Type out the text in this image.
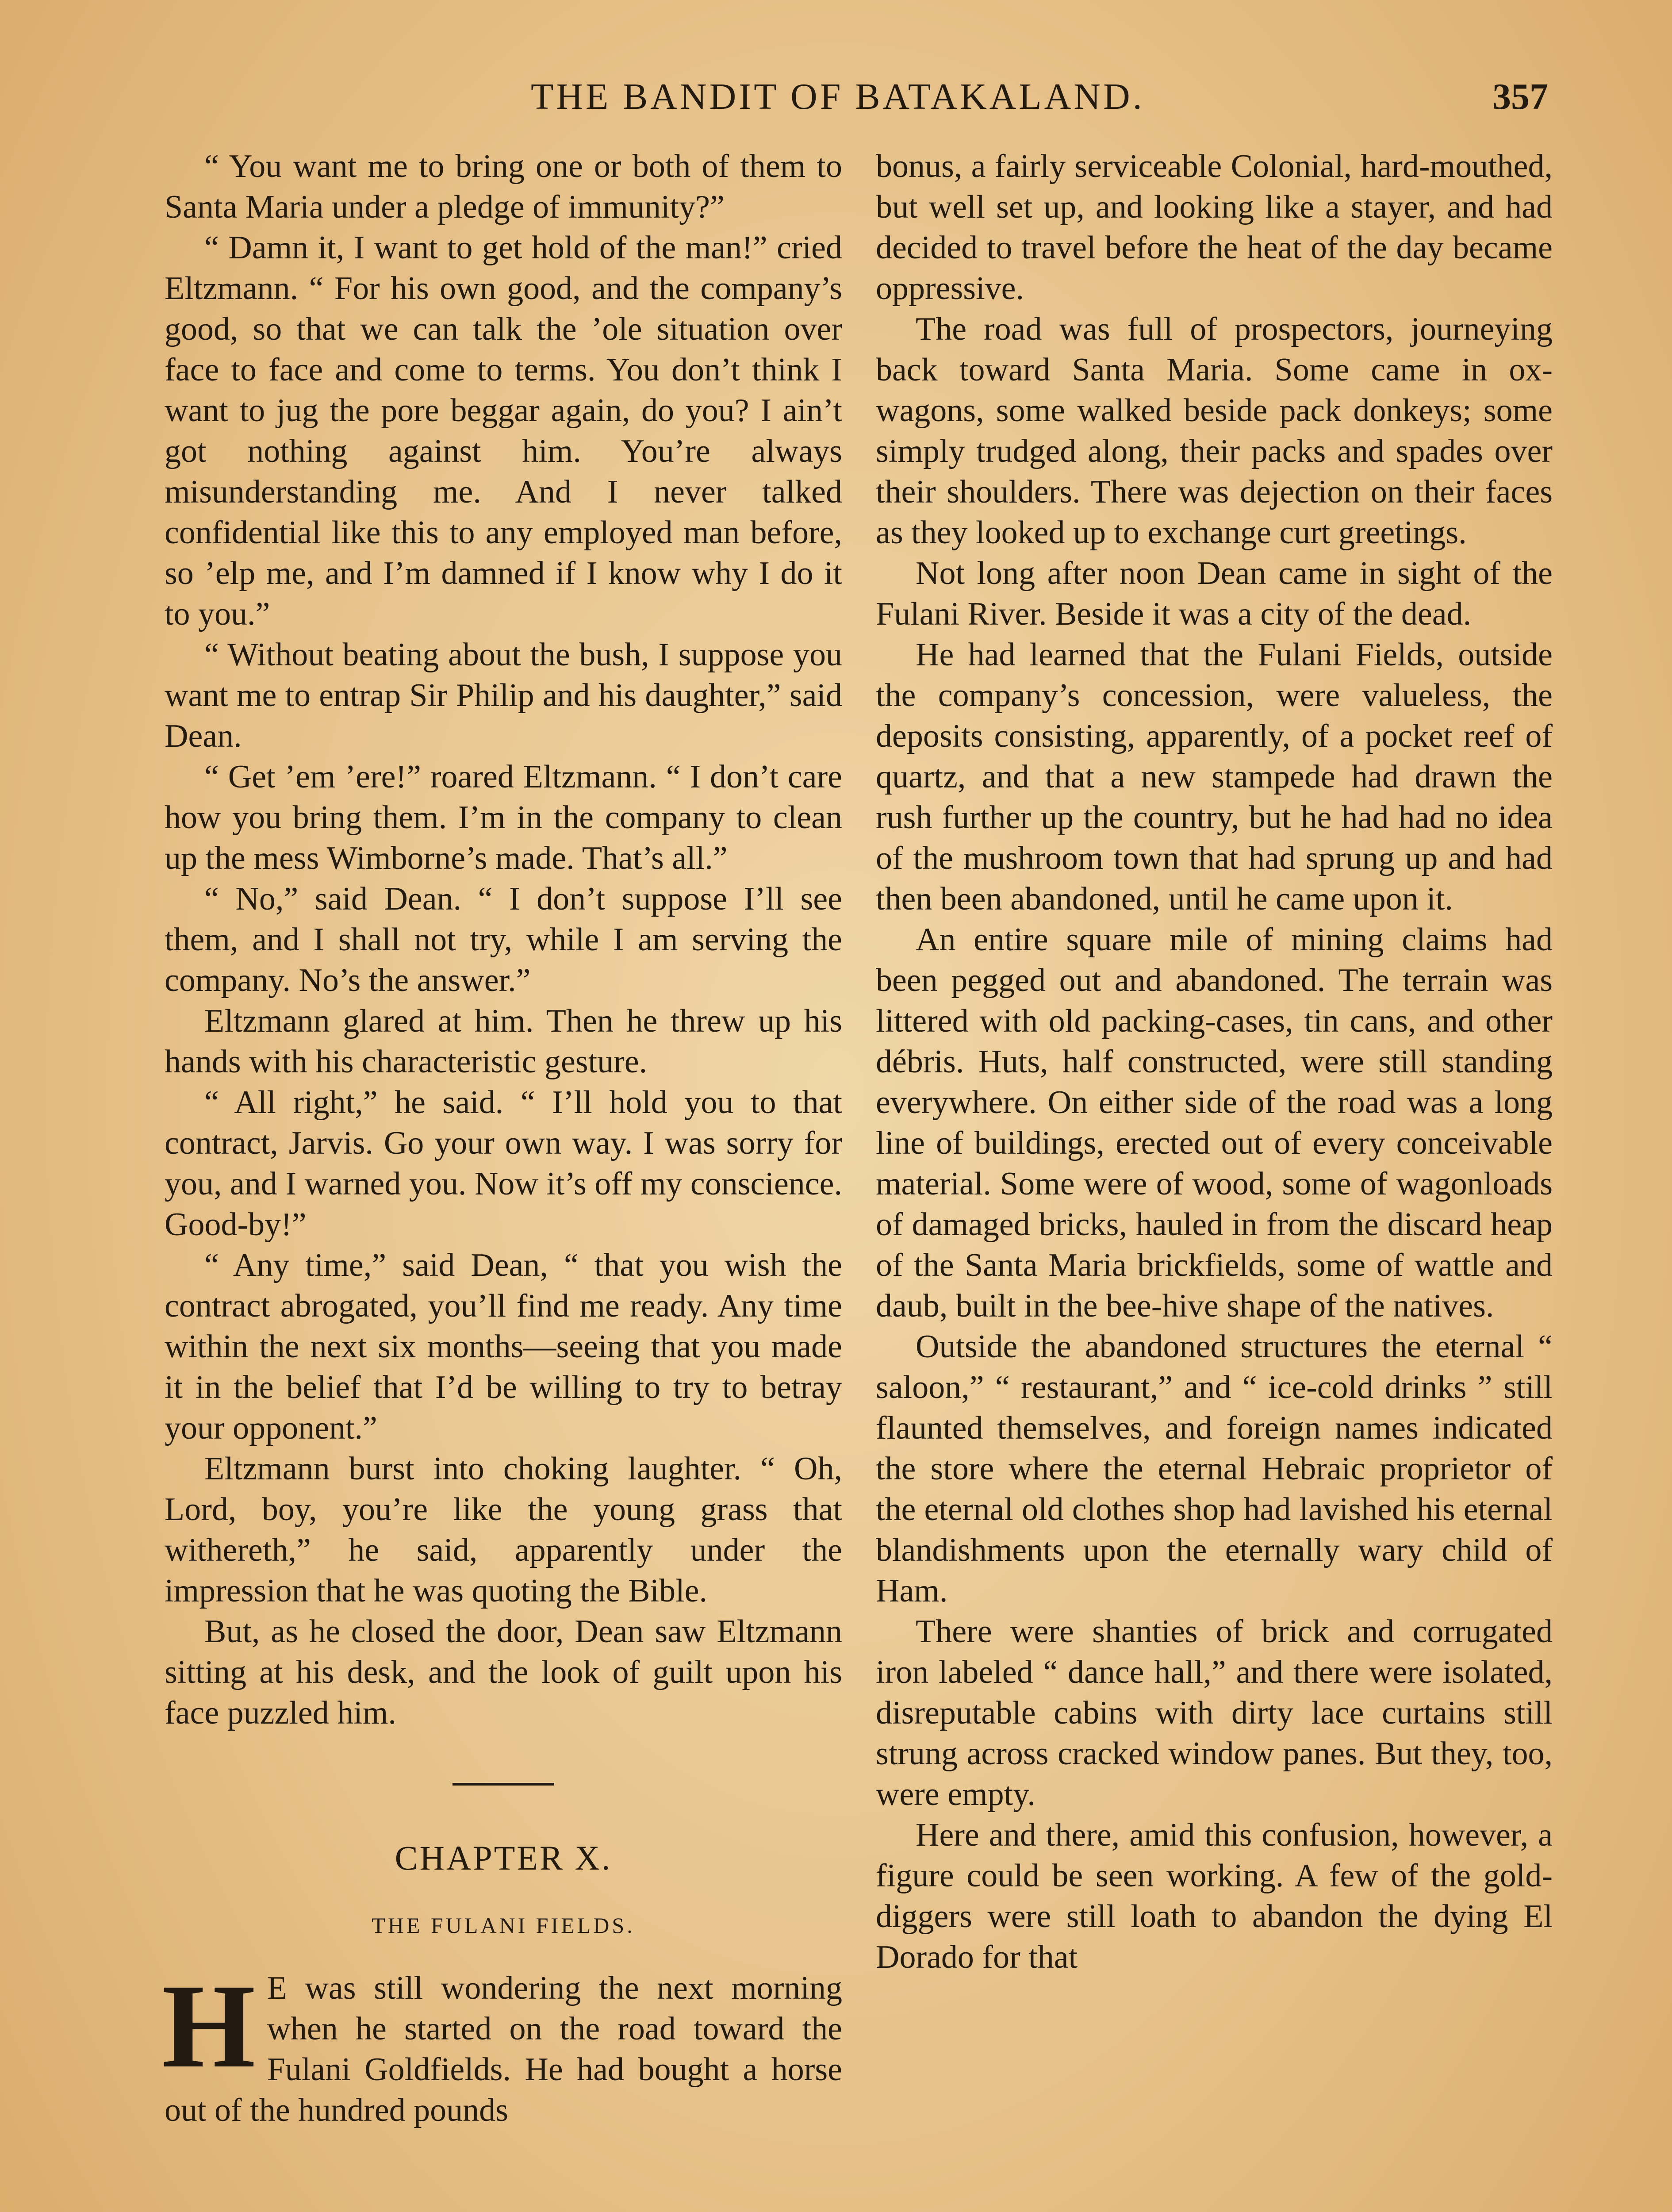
THE BANDIT OF BATAKALAND.	357

“ You want me to bring one or both of them to Santa Maria under a pledge of immunity?”

“ Damn it, I want to get hold of the man!” cried Eltzmann. “ For his own good, and the company’s good, so that we can talk the ’ole situation over face to face and come to terms. You don’t think I want to jug the pore beggar again, do you? I ain’t got nothing against him. You’re always misunderstanding me. And I never talked confidential like this to any employed man before, so ’elp me, and I’m damned if I know why I do it to you.”

“ Without beating about the bush, I suppose you want me to entrap Sir Philip and his daughter,” said Dean.

“ Get ’em ’ere!” roared Eltzmann. “ I don’t care how you bring them. I’m in the company to clean up the mess Wimborne’s made. That’s all.”

“ No,” said Dean. “ I don’t suppose I’ll see them, and I shall not try, while I am serving the company. No’s the answer.”

Eltzmann glared at him. Then he threw up his hands with his characteristic gesture.

“ All right,” he said. “ I’ll hold you to that contract, Jarvis. Go your own way. I was sorry for you, and I warned you. Now it’s off my conscience. Good-by!”

“ Any time,” said Dean, “ that you wish the contract abrogated, you’ll find me ready. Any time within the next six months—seeing that you made it in the belief that I’d be willing to try to betray your opponent.”

Eltzmann burst into choking laughter. “ Oh, Lord, boy, you’re like the young grass that withereth,” he said, apparently under the impression that he was quoting the Bible.

But, as he closed the door, Dean saw Eltzmann sitting at his desk, and the look of guilt upon his face puzzled him.

CHAPTER X.
THE FULANI FIELDS.

H E was still wondering the next morning when he started on the road toward the Fulani Goldfields. He had bought a horse out of the hundred pounds

bonus, a fairly serviceable Colonial, hard-mouthed, but well set up, and looking like a stayer, and had decided to travel before the heat of the day became oppressive.

The road was full of prospectors, journeying back toward Santa Maria. Some came in ox-wagons, some walked beside pack donkeys; some simply trudged along, their packs and spades over their shoulders. There was dejection on their faces as they looked up to exchange curt greetings.

Not long after noon Dean came in sight of the Fulani River. Beside it was a city of the dead.

He had learned that the Fulani Fields, outside the company’s concession, were valueless, the deposits consisting, apparently, of a pocket reef of quartz, and that a new stampede had drawn the rush further up the country, but he had had no idea of the mushroom town that had sprung up and had then been abandoned, until he came upon it.

An entire square mile of mining claims had been pegged out and abandoned. The terrain was littered with old packing-cases, tin cans, and other débris. Huts, half constructed, were still standing everywhere. On either side of the road was a long line of buildings, erected out of every conceivable material. Some were of wood, some of wagonloads of damaged bricks, hauled in from the discard heap of the Santa Maria brickfields, some of wattle and daub, built in the bee-hive shape of the natives.

Outside the abandoned structures the eternal “ saloon,” “ restaurant,” and “ ice-cold drinks ” still flaunted themselves, and foreign names indicated the store where the eternal Hebraic proprietor of the eternal old clothes shop had lavished his eternal blandishments upon the eternally wary child of Ham.

There were shanties of brick and corrugated iron labeled “ dance hall,” and there were isolated, disreputable cabins with dirty lace curtains still strung across cracked window panes. But they, too, were empty.

Here and there, amid this confusion, however, a figure could be seen working. A few of the gold-diggers were still loath to abandon the dying El Dorado for that
